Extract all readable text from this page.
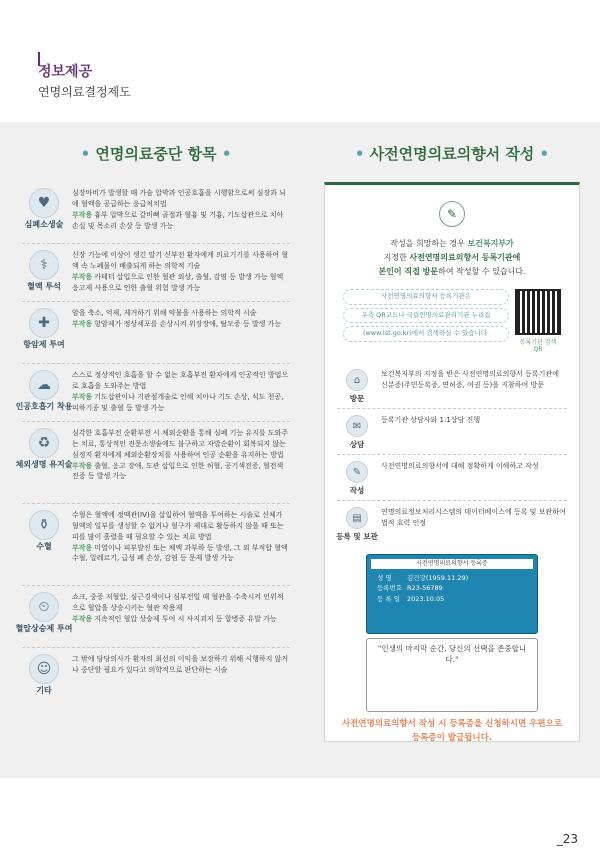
정보제공
연명의료결정제도
• 연명의료중단 항목 •
♥
심폐소생술
심장마비가 발생할 때 가슴 압박과 인공호흡을 시행함으로써 심장과 뇌에 혈액을 공급하는 응급처치법
부작용 흉부 압박으로 갈비뼈 골절과 혈흉 및 기흉, 기도삽관으로 치아 손실 및 목소리 손상 등 발생 가능
⚕
혈액 투석
신장 기능에 이상이 생긴 말기 신부전 환자에게 의료기기를 사용하여 혈액 속 노폐물이 배출되게 하는 의학적 기술
부작용 카테터 삽입으로 인한 혈관 외상, 출혈, 감염 등 발생 가능 혈액응고제 사용으로 인한 출혈 위험 발생 가능
✚
항암제 투여
암을 축소, 억제, 제거하기 위해 약물을 사용하는 의학적 시술
부작용 항암제가 정상세포를 손상시켜 위장장애, 탈모증 등 발생 가능
☁
인공호흡기 착용
스스로 정상적인 호흡을 할 수 없는 호흡부전 환자에게 인공적인 방법으로 호흡을 도와주는 방법
부작용 기도삽관이나 기관절개술로 인해 치아나 기도 손상, 식도 천공, 피하기종 및 출혈 등 발생 가능
♻
체외생명 유지술
심각한 호흡부전 순환부전 시 체외순환을 통해 심폐 기능 유지를 도와주는 치료, 통상적인 전문소생술에도 불구하고 자발순환이 회복되지 않는 심정지 환자에게 체외순환장치를 사용하여 인공 순환을 유지하는 방법
부작용 출혈, 응고 장애, 도관 삽입으로 인한 허혈, 공기색전증, 혈전색전증 등 발생 가능
⚱
수혈
수혈은 혈액에 정맥관(IV)을 삽입하여 혈액을 투여하는 시술로 신체가 혈액의 일부를 생성할 수 없거나 혈구가 제대로 활동하지 않을 때 또는 피를 많이 흘렸을 때 필요할 수 있는 치료 방법
부작용 미열이나 피부발진 또는 체액 과부하 등 발생, 그 외 부적합 혈액 수혈, 알레르기, 급성 폐 손상, 감염 등 문제 발생 가능
⏲
혈압상승제 투여
쇼크, 중증 저혈압, 심근경색이나 심부전일 때 혈관을 수축시켜 인위적으로 혈압을 상승시키는 혈관 작용제
부작용 지속적인 혈압 상승제 투여 시 사지괴저 등 합병증 유발 가능
☺
기타
그 밖에 담당의사가 환자의 최선의 이익을 보장하기 위해 시행하지 않거나 중단할 필요가 있다고 의학적으로 판단하는 시술
• 사전연명의료의향서 작성 •
✎
작성을 희망하는 경우 보건복지부가
지정한 사전연명의료의향서 등록기관에
본인이 직접 방문하여 작성할 수 있습니다.
사전연명의료의향서 등록기관은
우측 QR코드나 국립연명의료관리기관 누리집
(www.lst.go.kr)에서 검색하실 수 있습니다.
등록기관 검색 QR
⌂
방문
보건복지부의 지정을 받은 사전연명의료의향서 등록기관에 신분증(주민등록증, 면허증, 여권 등)을 지참하여 방문
✉
상담
등록기관 상담사와 1:1상담 진행
✎
작성
사전연명의료의향서에 대해 정확하게 이해하고 작성
▤
등록 및 보관
연명의료정보처리시스템의 데이터베이스에 등록 및 보관하여 법적 효력 인정
사전연명의료의향서 등록증
성 명 김건강(1959.11.29)
등록번호 R23-56789
등 록 일 2023.10.05
"인생의 마지막 순간, 당신의 선택을 존중합니다."
사전연명의료의향서 작성 시 등록증을 신청하시면 우편으로 등록증이 발급됩니다.
_23
